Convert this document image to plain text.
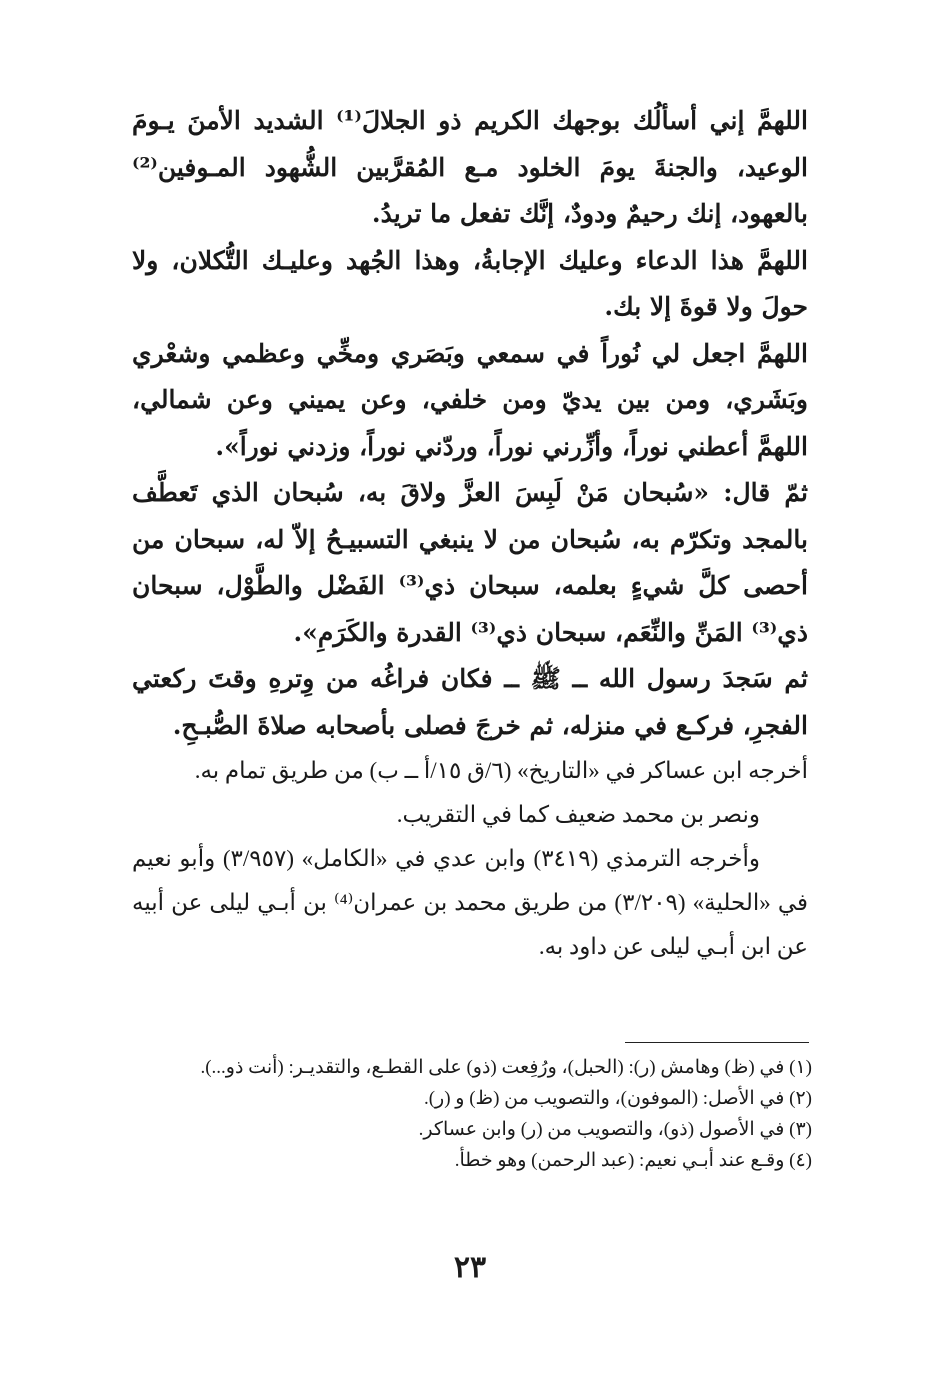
اللهمَّ إني أسألُك بوجهك الكريم ذو الجلالَ⁽¹⁾ الشديد الأمنَ يـومَ الوعيد، والجنةَ يومَ الخلود مـع المُقرَّبين الشُّهود المـوفين⁽²⁾ بالعهود، إنك رحيمٌ ودودٌ، إنَّك تفعل ما تريدُ.

اللهمَّ هذا الدعاء وعليك الإجابةُ، وهذا الجُهد وعليـك التُّكلان، ولا حولَ ولا قوةَ إلا بك.

اللهمَّ اجعل لي نُوراً في سمعي وبَصَري ومخِّي وعظمي وشعْري وبَشَري، ومن بين يديّ ومن خلفي، وعن يميني وعن شمالي، اللهمَّ أعطني نوراً، وأزِّرني نوراً، وردّني نوراً، وزدني نوراً».

ثمّ قال: «سُبحان مَنْ لَبِسَ العزَّ ولاقَ به، سُبحان الذي تَعطَّف بالمجد وتكرّم به، سُبحان من لا ينبغي التسبيـحُ إلاّ له، سبحان من أحصى كلَّ شيءٍ بعلمه، سبحان ذي⁽³⁾ الفَضْل والطَّوْل، سبحان ذي⁽³⁾ المَنِّ والنِّعَم، سبحان ذي⁽³⁾ القدرة والكَرَمِ».

ثم سَجدَ رسول الله ــ ﷺ ــ فكان فراغُه من وِترهِ وقتَ ركعتي الفجرِ، فركـع في منزله، ثم خرجَ فصلى بأصحابه صلاةَ الصُّبـحِ.

أخرجه ابن عساكر في «التاريخ» (٦/ق ١٥/أ ــ ب) من طريق تمام به.

ونصر بن محمد ضعيف كما في التقريب.

وأخرجه الترمذي (٣٤١٩) وابن عدي في «الكامل» (٣/٩٥٧) وأبو نعيم في «الحلية» (٣/٢٠٩) من طريق محمد بن عمران⁽⁴⁾ بن أبـي ليلى عن أبيه عن ابن أبـي ليلى عن داود به.

(١) في (ظ) وهامش (ر): (الحبل)، ورُفِعت (ذو) على القطـع، والتقديـر: (أنت ذو...).

(٢) في الأصل: (الموفون)، والتصويب من (ظ) و (ر).

(٣) في الأصول (ذو)، والتصويب من (ر) وابن عساكر.

(٤) وقـع عند أبـي نعيم: (عبد الرحمن) وهو خطأ.

٢٣
